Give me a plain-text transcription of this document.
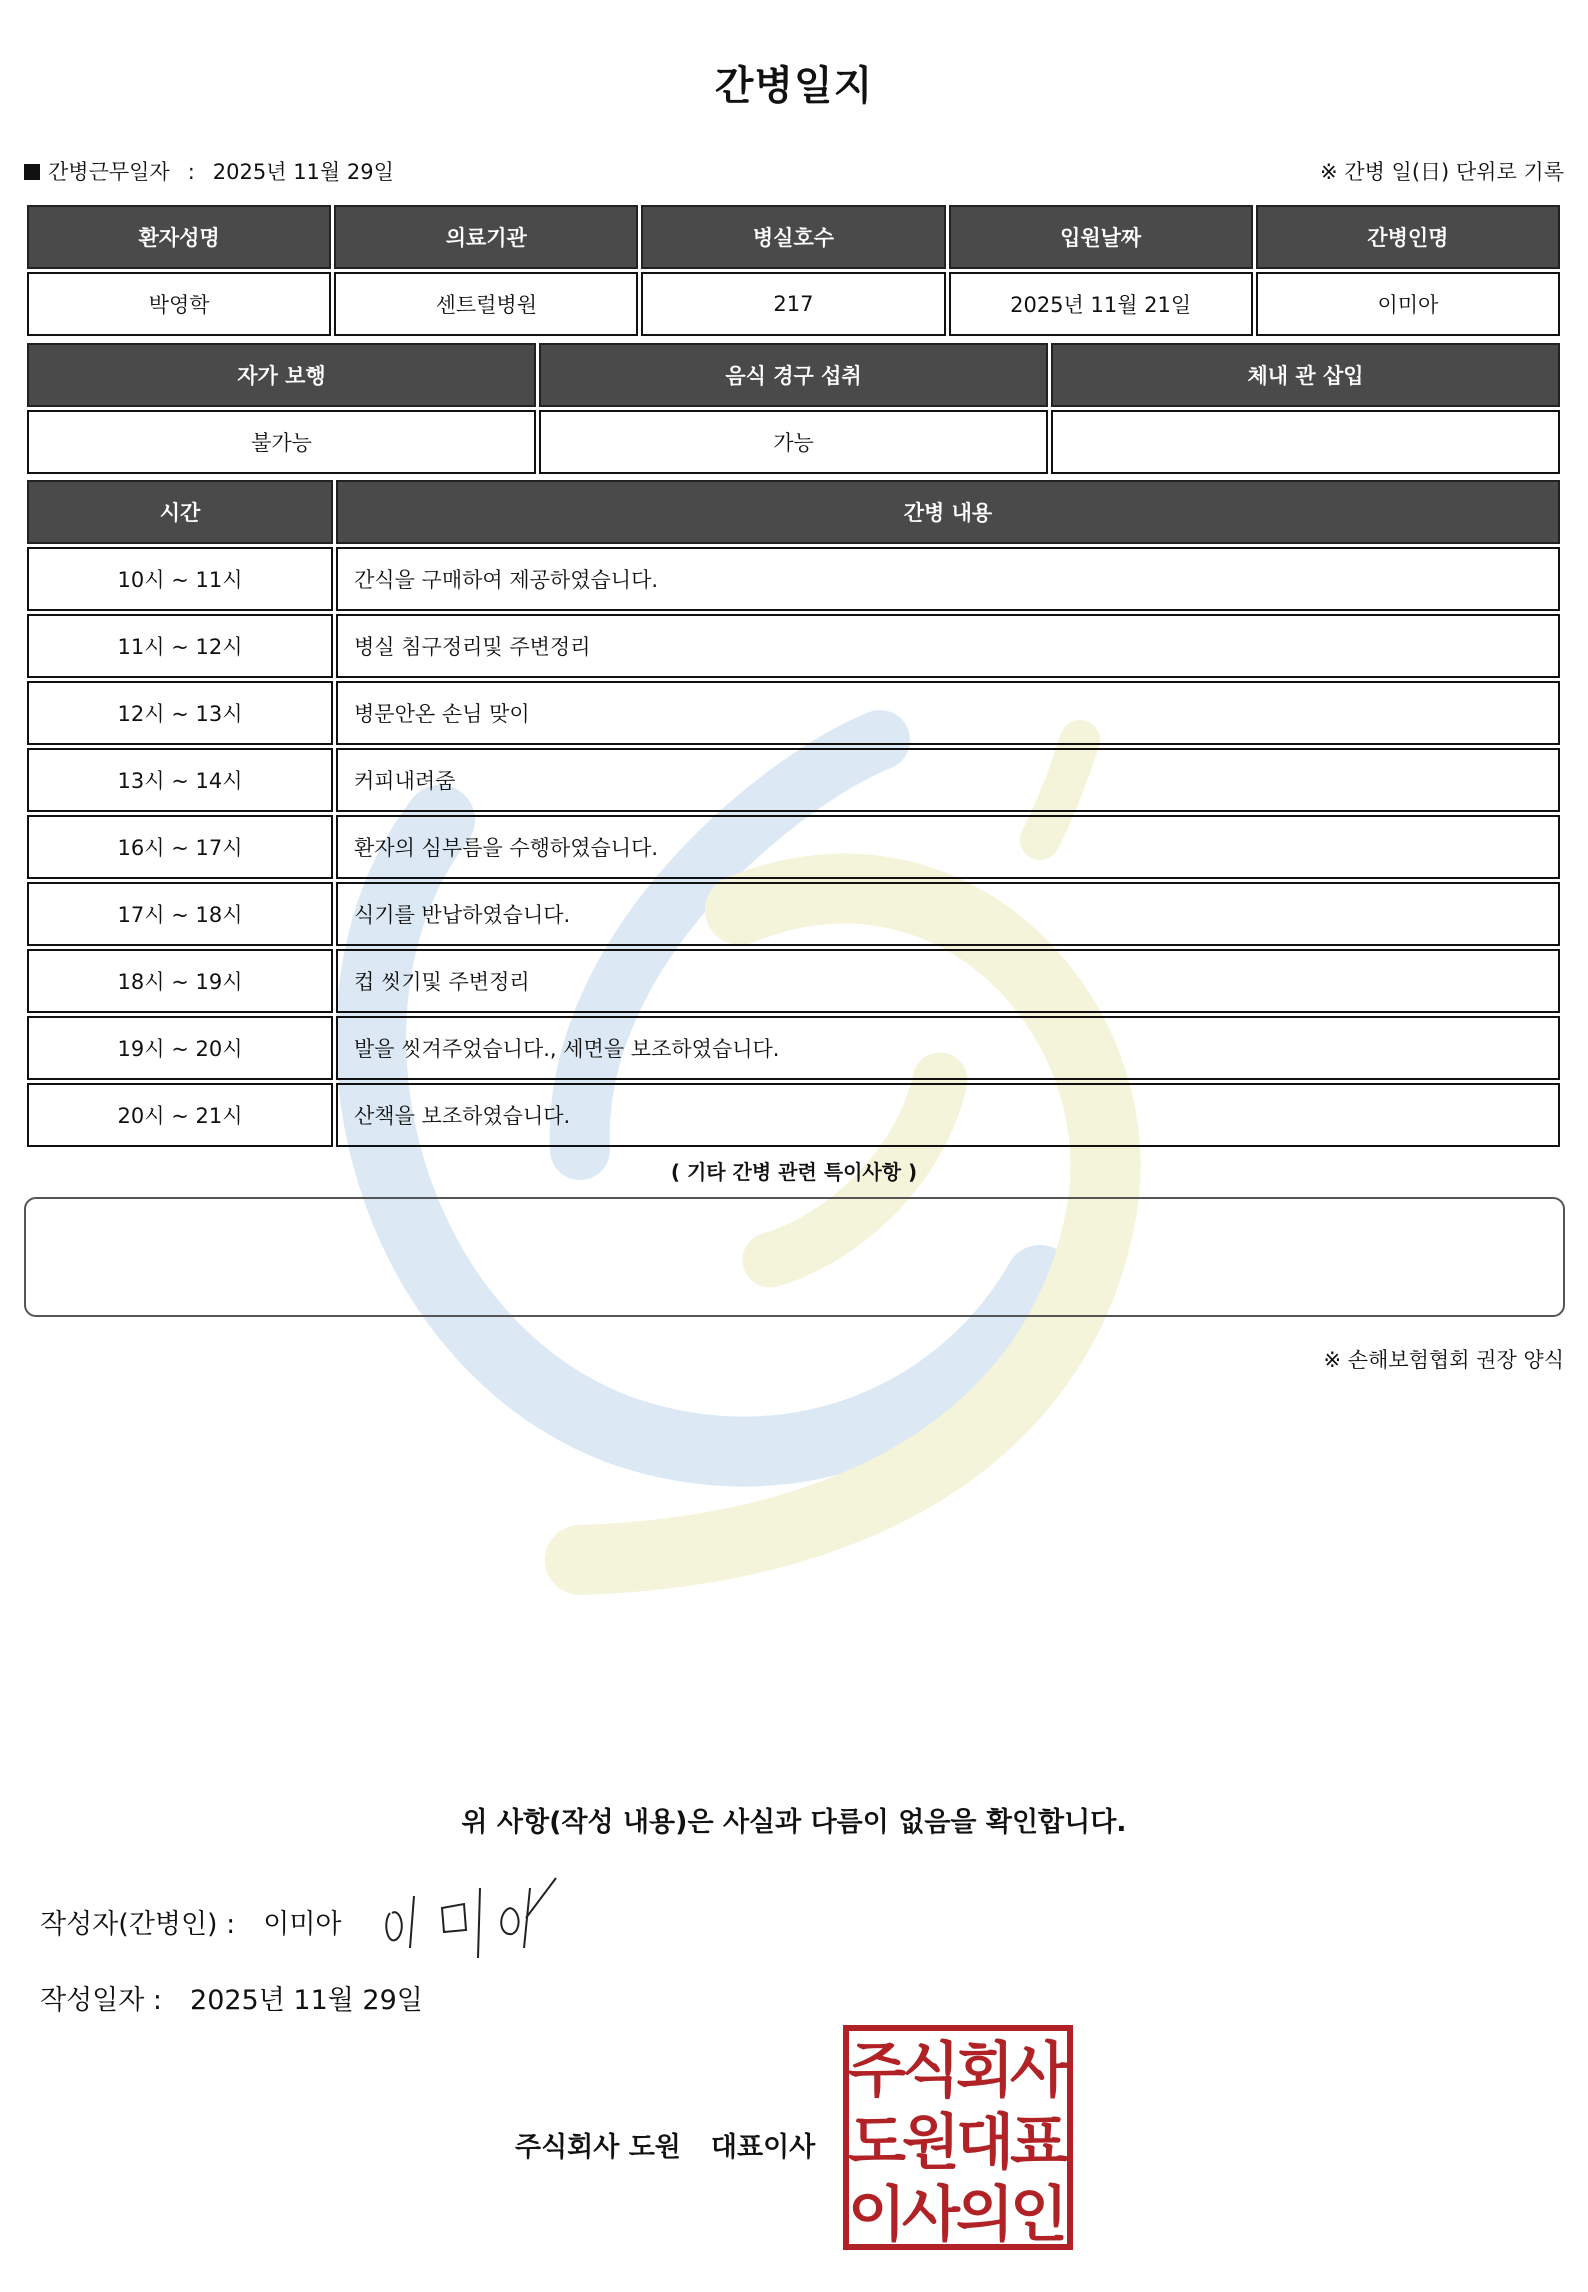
간병일지
간병근무일자 : 2025년 11월 29일	※ 간병 일(日) 단위로 기록
환자성명	의료기관	병실호수	입원날짜	간병인명
박영학	센트럴병원	217	2025년 11월 21일	이미아
자가 보행	음식 경구 섭취	체내 관 삽입
불가능	가능	
시간	간병 내용
10시 ~ 11시	간식을 구매하여 제공하였습니다.
11시 ~ 12시	병실 침구정리및 주변정리
12시 ~ 13시	병문안온 손님 맞이
13시 ~ 14시	커피내려줌
16시 ~ 17시	환자의 심부름을 수행하였습니다.
17시 ~ 18시	식기를 반납하였습니다.
18시 ~ 19시	컵 씻기및 주변정리
19시 ~ 20시	발을 씻겨주었습니다., 세면을 보조하였습니다.
20시 ~ 21시	산책을 보조하였습니다.
( 기타 간병 관련 특이사항 )
※ 손해보험협회 권장 양식
위 사항(작성 내용)은 사실과 다름이 없음을 확인합니다.
작성자(간병인) : 이미아
작성일자 : 2025년 11월 29일
주식회사 도원 대표이사
주
식
회
사
도
원
대
표
이
사
의
인
